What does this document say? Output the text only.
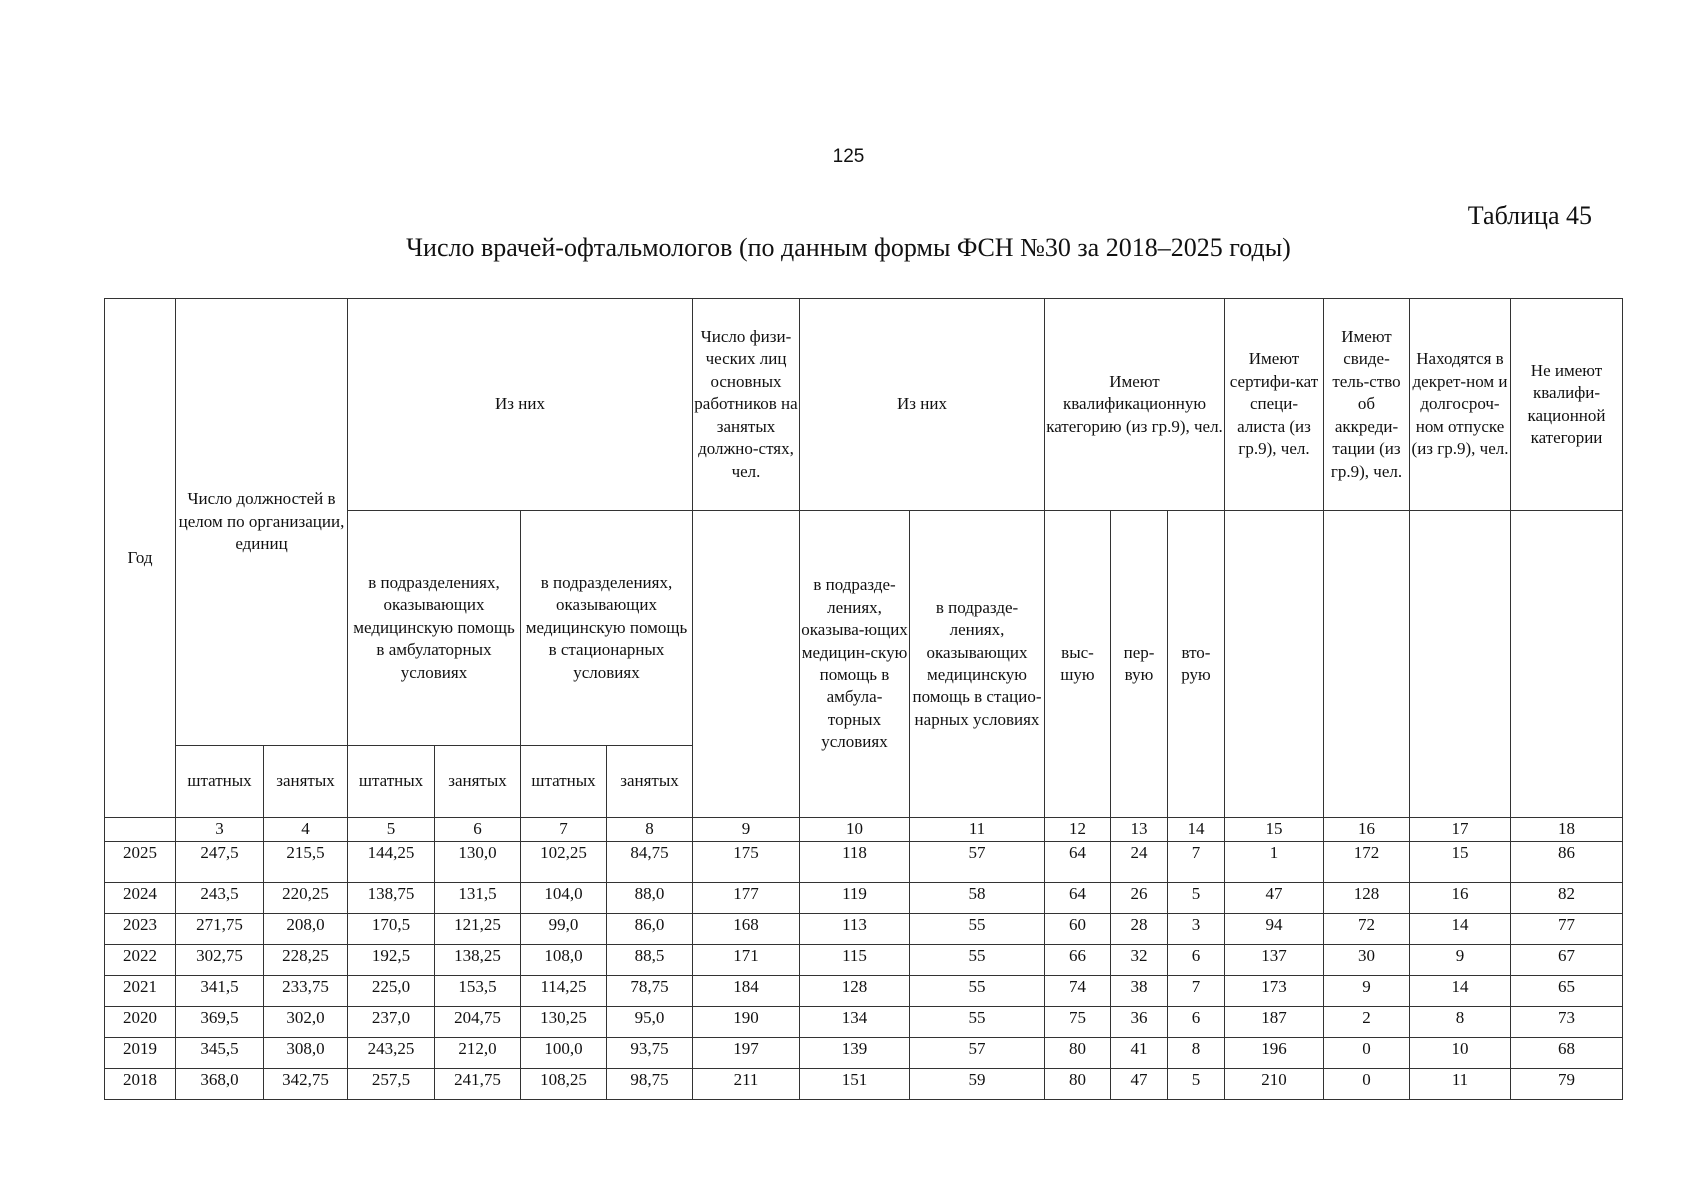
125
Таблица 45
Число врачей-офтальмологов (по данным формы ФСН №30 за 2018–2025 годы)
Год	Число должностей в целом по организации, единиц		Из них				Число физи-ческих лиц основных работников на занятых должно-стях, чел.	Из них		Имеют квалификационную категорию (из гр.9), чел.			Имеют сертифи-кат специ-алиста (из гр.9), чел.	Имеют свиде-тель-ство об аккреди-тации (из гр.9), чел.	Находятся в декрет-ном и долгосроч-ном отпуске (из гр.9), чел.	Не имеют квалифи-кационной категории
			в подразделениях, оказывающих медицинскую помощь в амбулаторных условиях		в подразделениях, оказывающих медицинскую помощь в стационарных условиях			в подразде-лениях, оказыва-ющих медицин-скую помощь в амбула-торных условиях	в подразде-лениях, оказывающих медицинскую помощь в стацио-нарных условиях	выс-шую	пер-вую	вто-рую				
	штатных	занятых	штатных	занятых	штатных	занятых										
	3	4	5	6	7	8	9	10	11	12	13	14	15	16	17	18
2025	247,5	215,5	144,25	130,0	102,25	84,75	175	118	57	64	24	7	1	172	15	86
2024	243,5	220,25	138,75	131,5	104,0	88,0	177	119	58	64	26	5	47	128	16	82
2023	271,75	208,0	170,5	121,25	99,0	86,0	168	113	55	60	28	3	94	72	14	77
2022	302,75	228,25	192,5	138,25	108,0	88,5	171	115	55	66	32	6	137	30	9	67
2021	341,5	233,75	225,0	153,5	114,25	78,75	184	128	55	74	38	7	173	9	14	65
2020	369,5	302,0	237,0	204,75	130,25	95,0	190	134	55	75	36	6	187	2	8	73
2019	345,5	308,0	243,25	212,0	100,0	93,75	197	139	57	80	41	8	196	0	10	68
2018	368,0	342,75	257,5	241,75	108,25	98,75	211	151	59	80	47	5	210	0	11	79
